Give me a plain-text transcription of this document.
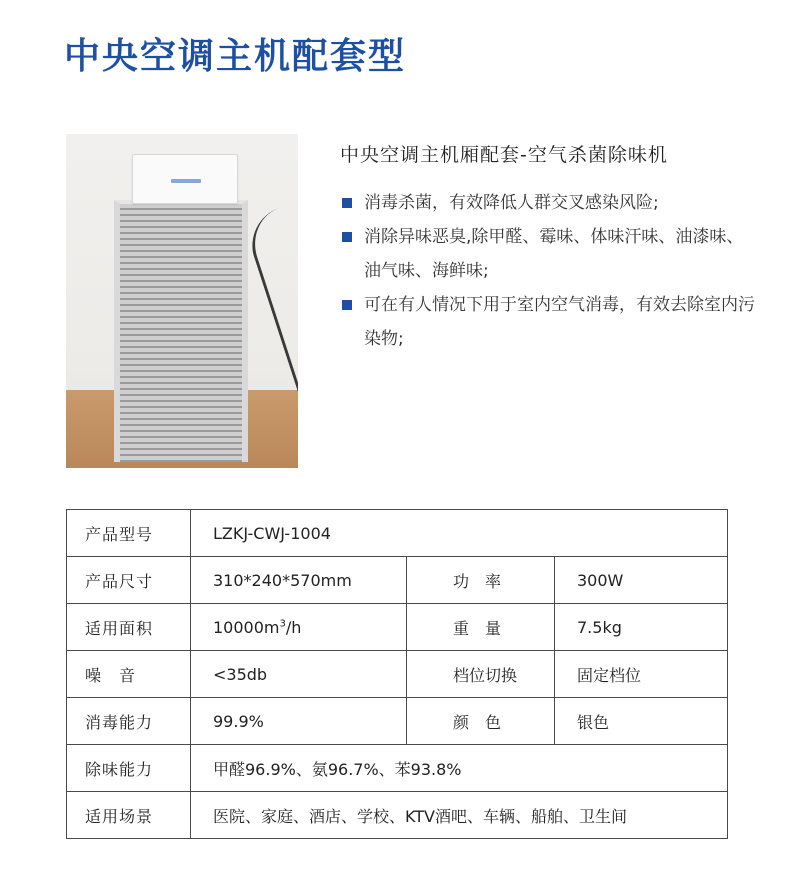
中央空调主机配套型
中央空调主机厢配套-空气杀菌除味机
消毒杀菌，有效降低人群交叉感染风险;
消除异味恶臭,除甲醛、霉味、体味汗味、油漆味、油气味、海鲜味;
可在有人情况下用于室内空气消毒，有效去除室内污染物;
产品型号	LZKJ-CWJ-1004		
产品尺寸	310*240*570mm	功　率	300W
适用面积	$10000m^3/h$	重　量	7.5kg
噪　音	<35db	档位切换	固定档位
消毒能力	99.9%	颜　色	银色
除味能力	甲醛96.9%、氨96.7%、苯93.8%		
适用场景	医院、家庭、酒店、学校、KTV酒吧、车辆、船舶、卫生间		
